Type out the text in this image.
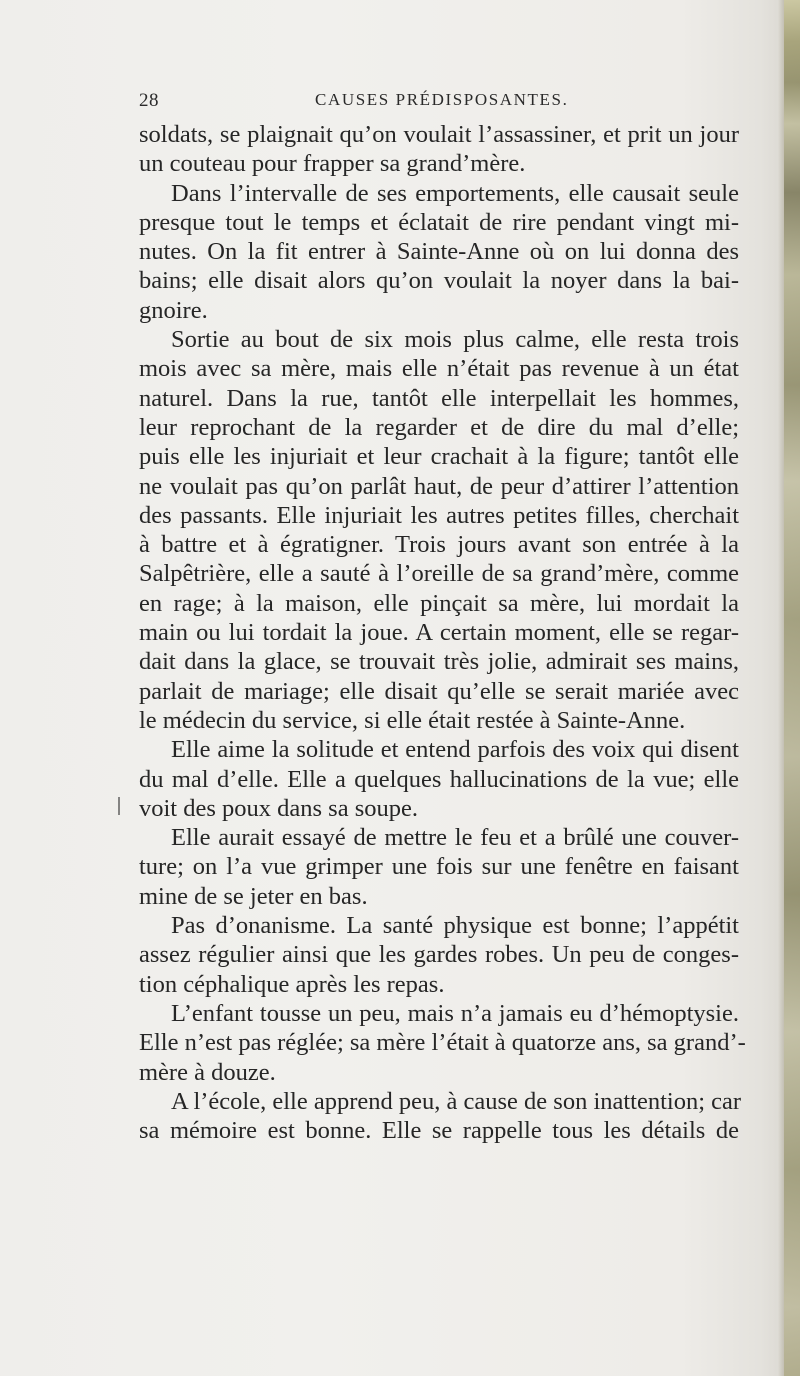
28	CAUSES PRÉDISPOSANTES.
soldats, se plaignait qu’on voulait l’assassiner, et prit un jour
un couteau pour frapper sa grand’mère.
Dans l’intervalle de ses emportements, elle causait seule
presque tout le temps et éclatait de rire pendant vingt mi-
nutes. On la fit entrer à Sainte-Anne où on lui donna des
bains; elle disait alors qu’on voulait la noyer dans la bai-
gnoire.
Sortie au bout de six mois plus calme, elle resta trois
mois avec sa mère, mais elle n’était pas revenue à un état
naturel. Dans la rue, tantôt elle interpellait les hommes,
leur reprochant de la regarder et de dire du mal d’elle;
puis elle les injuriait et leur crachait à la figure; tantôt elle
ne voulait pas qu’on parlât haut, de peur d’attirer l’attention
des passants. Elle injuriait les autres petites filles, cherchait
à battre et à égratigner. Trois jours avant son entrée à la
Salpêtrière, elle a sauté à l’oreille de sa grand’mère, comme
en rage; à la maison, elle pinçait sa mère, lui mordait la
main ou lui tordait la joue. A certain moment, elle se regar-
dait dans la glace, se trouvait très jolie, admirait ses mains,
parlait de mariage; elle disait qu’elle se serait mariée avec
le médecin du service, si elle était restée à Sainte-Anne.
Elle aime la solitude et entend parfois des voix qui disent
du mal d’elle. Elle a quelques hallucinations de la vue; elle
voit des poux dans sa soupe.
Elle aurait essayé de mettre le feu et a brûlé une couver-
ture; on l’a vue grimper une fois sur une fenêtre en faisant
mine de se jeter en bas.
Pas d’onanisme. La santé physique est bonne; l’appétit
assez régulier ainsi que les gardes robes. Un peu de conges-
tion céphalique après les repas.
L’enfant tousse un peu, mais n’a jamais eu d’hémoptysie.
Elle n’est pas réglée; sa mère l’était à quatorze ans, sa grand’-
mère à douze.
A l’école, elle apprend peu, à cause de son inattention; car
sa mémoire est bonne. Elle se rappelle tous les détails de
